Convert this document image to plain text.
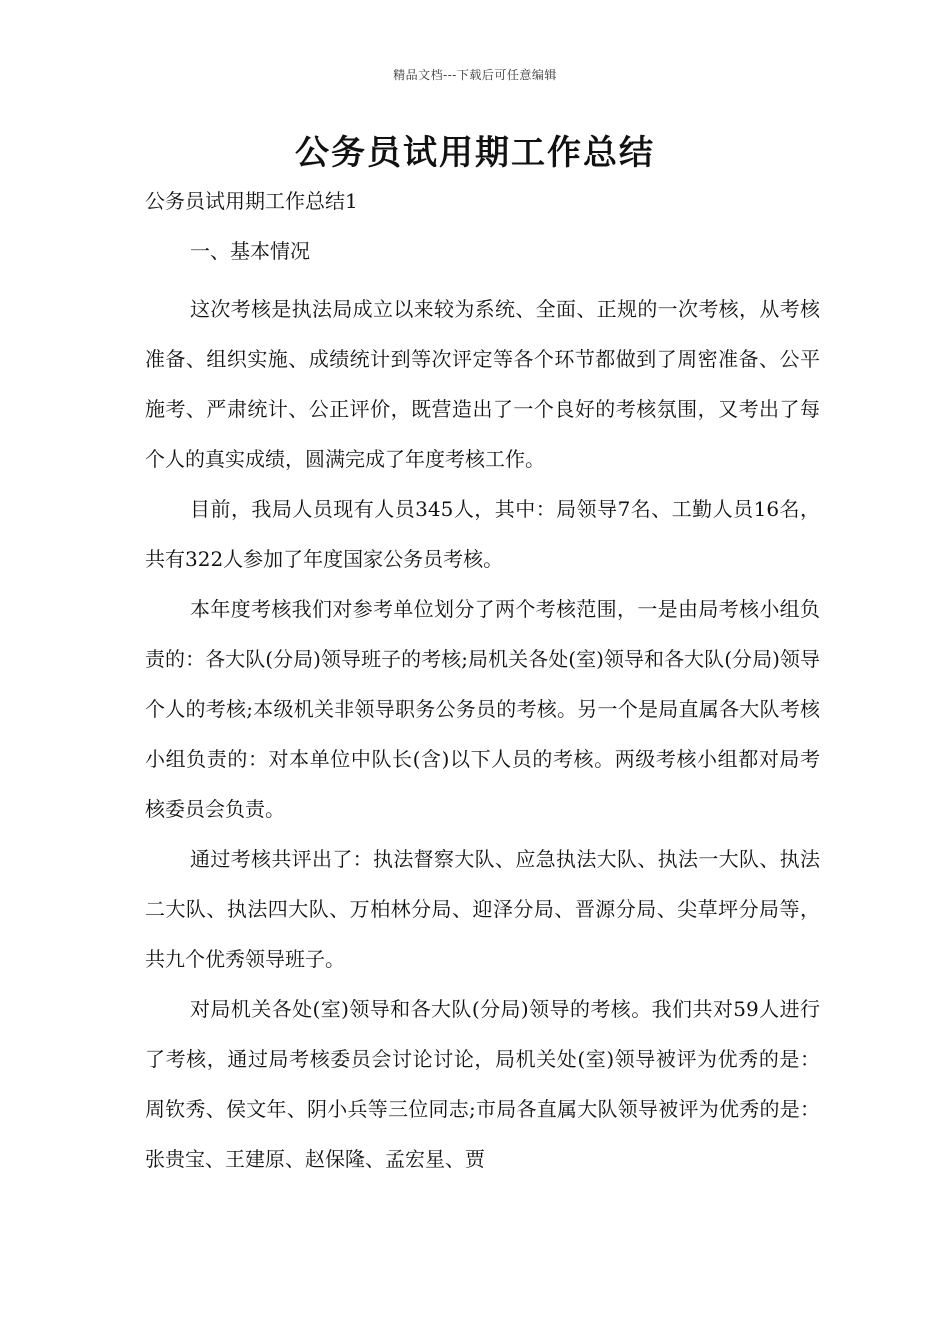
精品文档---下载后可任意编辑
公务员试用期工作总结

公务员试用期工作总结1

一、基本情况

这次考核是执法局成立以来较为系统、全面、正规的一次考核，从考核准备、组织实施、成绩统计到等次评定等各个环节都做到了周密准备、公平施考、严肃统计、公正评价，既营造出了一个良好的考核氛围，又考出了每个人的真实成绩，圆满完成了年度考核工作。

目前，我局人员现有人员345人，其中：局领导7名、工勤人员16名，共有322人参加了年度国家公务员考核。

本年度考核我们对参考单位划分了两个考核范围，一是由局考核小组负责的：各大队(分局)领导班子的考核;局机关各处(室)领导和各大队(分局)领导个人的考核;本级机关非领导职务公务员的考核。另一个是局直属各大队考核小组负责的：对本单位中队长(含)以下人员的考核。两级考核小组都对局考核委员会负责。

通过考核共评出了：执法督察大队、应急执法大队、执法一大队、执法二大队、执法四大队、万柏林分局、迎泽分局、晋源分局、尖草坪分局等，共九个优秀领导班子。

对局机关各处(室)领导和各大队(分局)领导的考核。我们共对59人进行了考核，通过局考核委员会讨论讨论，局机关处(室)领导被评为优秀的是：周钦秀、侯文年、阴小兵等三位同志;市局各直属大队领导被评为优秀的是：张贵宝、王建原、赵保隆、孟宏星、贾
